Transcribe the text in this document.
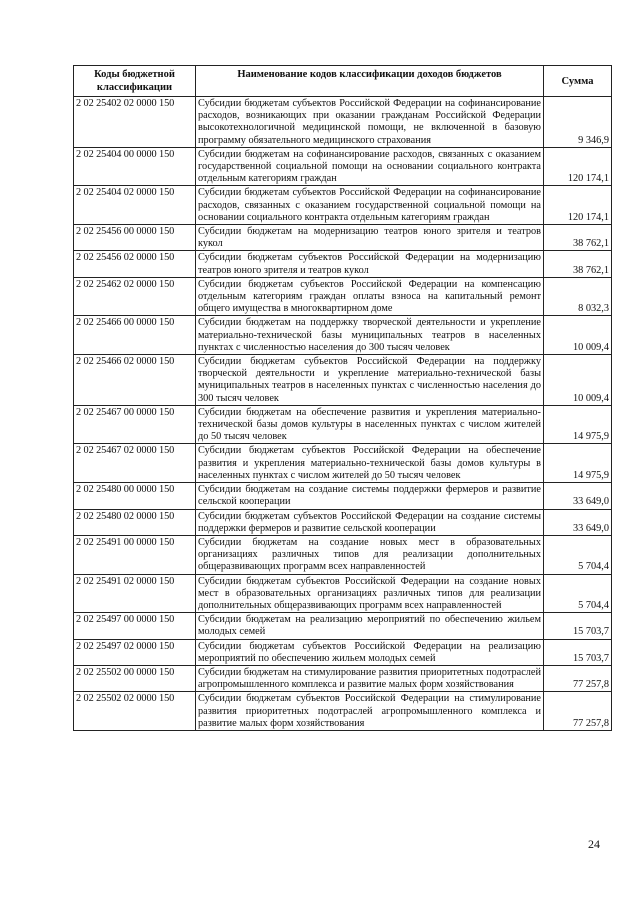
Коды бюджетной классификации	Наименование кодов классификации доходов бюджетов	Сумма
2 02 25402 02 0000 150	Субсидии бюджетам субъектов Российской Федерации на софинансирование расходов, возникающих при оказании гражданам Российской Федерации высокотехнологичной медицинской помощи, не включенной в базовую программу обязательного медицинского страхования	9 346,9
2 02 25404 00 0000 150	Субсидии бюджетам на софинансирование расходов, связанных с оказанием государственной социальной помощи на основании социального контракта отдельным категориям граждан	120 174,1
2 02 25404 02 0000 150	Субсидии бюджетам субъектов Российской Федерации на софинансирование расходов, связанных с оказанием государственной социальной помощи на основании социального контракта отдельным категориям граждан	120 174,1
2 02 25456 00 0000 150	Субсидии бюджетам на модернизацию театров юного зрителя и театров кукол	38 762,1
2 02 25456 02 0000 150	Субсидии бюджетам субъектов Российской Федерации на модернизацию театров юного зрителя и театров кукол	38 762,1
2 02 25462 02 0000 150	Субсидии бюджетам субъектов Российской Федерации на компенсацию отдельным категориям граждан оплаты взноса на капитальный ремонт общего имущества в многоквартирном доме	8 032,3
2 02 25466 00 0000 150	Субсидии бюджетам на поддержку творческой деятельности и укрепление материально-технической базы муниципальных театров в населенных пунктах с численностью населения до 300 тысяч человек	10 009,4
2 02 25466 02 0000 150	Субсидии бюджетам субъектов Российской Федерации на поддержку творческой деятельности и укрепление материально-технической базы муниципальных театров в населенных пунктах с численностью населения до 300 тысяч человек	10 009,4
2 02 25467 00 0000 150	Субсидии бюджетам на обеспечение развития и укрепления материально-технической базы домов культуры в населенных пунктах с числом жителей до 50 тысяч человек	14 975,9
2 02 25467 02 0000 150	Субсидии бюджетам субъектов Российской Федерации на обеспечение развития и укрепления материально-технической базы домов культуры в населенных пунктах с числом жителей до 50 тысяч человек	14 975,9
2 02 25480 00 0000 150	Субсидии бюджетам на создание системы поддержки фермеров и развитие сельской кооперации	33 649,0
2 02 25480 02 0000 150	Субсидии бюджетам субъектов Российской Федерации на создание системы поддержки фермеров и развитие сельской кооперации	33 649,0
2 02 25491 00 0000 150	Субсидии бюджетам на создание новых мест в образовательных организациях различных типов для реализации дополнительных общеразвивающих программ всех направленностей	5 704,4
2 02 25491 02 0000 150	Субсидии бюджетам субъектов Российской Федерации на создание новых мест в образовательных организациях различных типов для реализации дополнительных общеразвивающих программ всех направленностей	5 704,4
2 02 25497 00 0000 150	Субсидии бюджетам на реализацию мероприятий по обеспечению жильем молодых семей	15 703,7
2 02 25497 02 0000 150	Субсидии бюджетам субъектов Российской Федерации на реализацию мероприятий по обеспечению жильем молодых семей	15 703,7
2 02 25502 00 0000 150	Субсидии бюджетам на стимулирование развития приоритетных подотраслей агропромышленного комплекса и развитие малых форм хозяйствования	77 257,8
2 02 25502 02 0000 150	Субсидии бюджетам субъектов Российской Федерации на стимулирование развития приоритетных подотраслей агропромышленного комплекса и развитие малых форм хозяйствования	77 257,8
24
